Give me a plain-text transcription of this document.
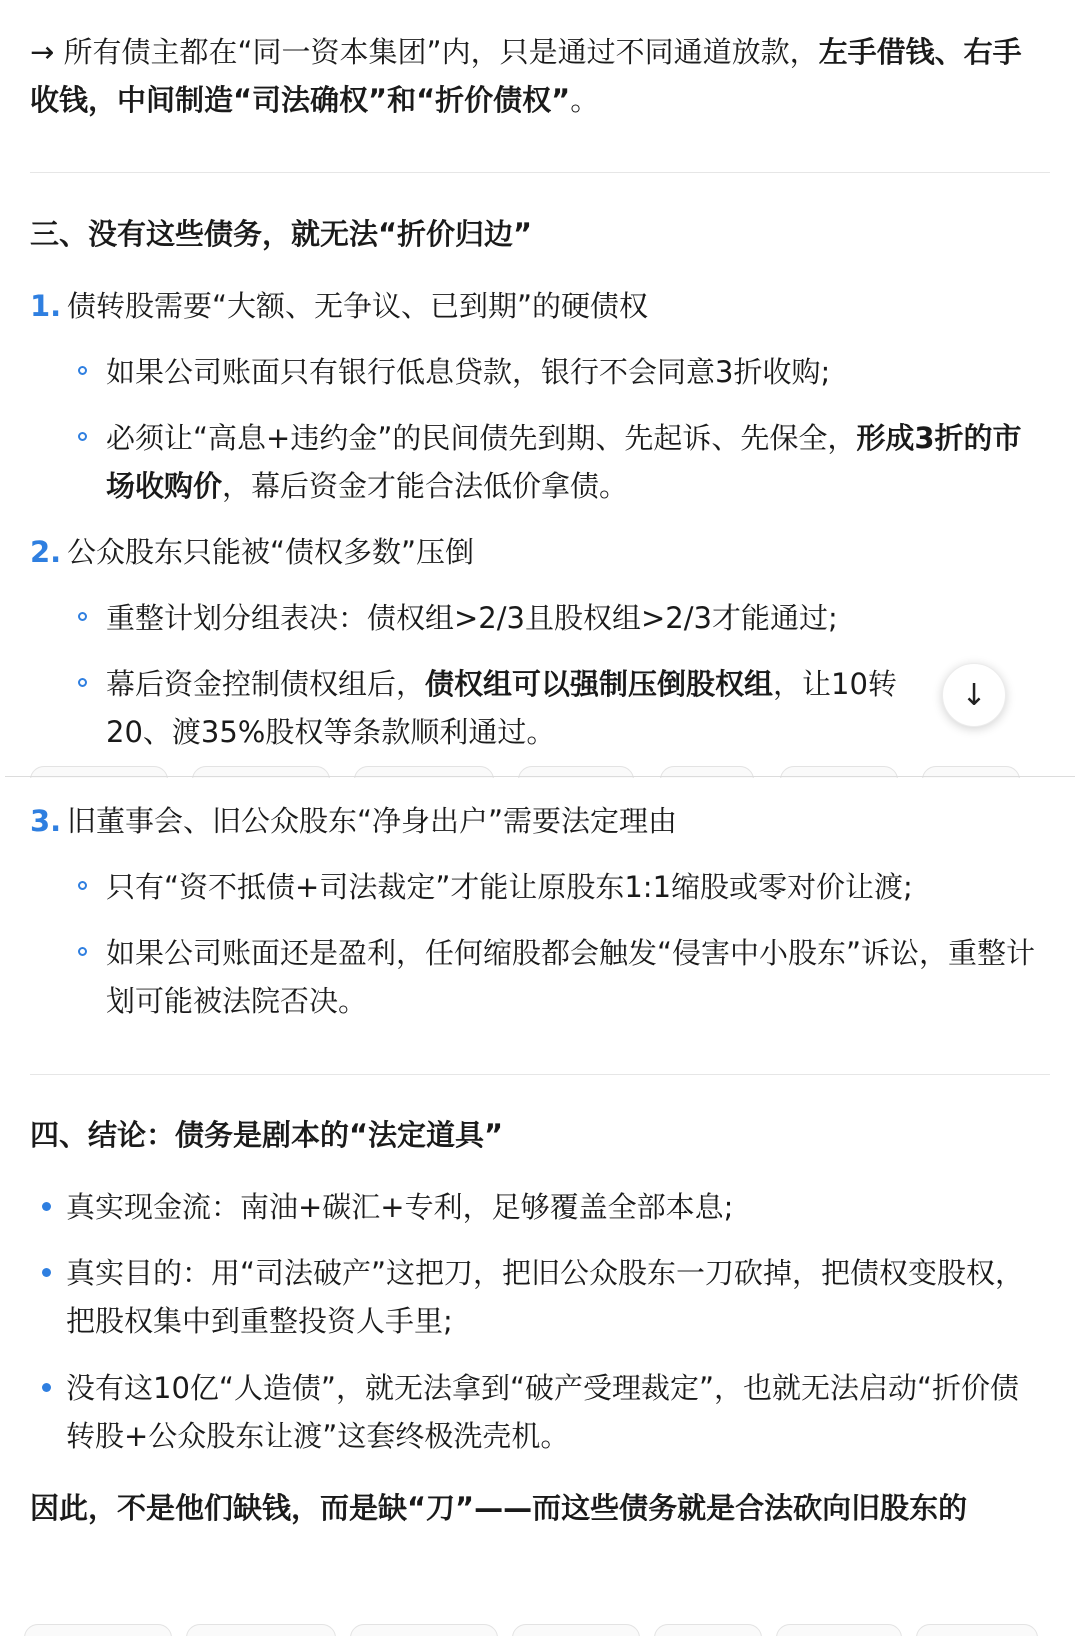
→ 所有债主都在“同一资本集团”内，只是通过不同通道放款，左手借钱、右手收钱，中间制造“司法确权”和“折价债权”。
三、没有这些债务，就无法“折价归边”
1. 债转股需要“大额、无争议、已到期”的硬债权
如果公司账面只有银行低息贷款，银行不会同意3折收购;
必须让“高息+违约金”的民间债先到期、先起诉、先保全，形成3折的市场收购价，幕后资金才能合法低价拿债。
2. 公众股东只能被“债权多数”压倒
重整计划分组表决：债权组>2/3且股权组>2/3才能通过;
幕后资金控制债权组后，债权组可以强制压倒股权组，让10转20、渡35%股权等条款顺利通过。
3. 旧董事会、旧公众股东“净身出户”需要法定理由
只有“资不抵债+司法裁定”才能让原股东1:1缩股或零对价让渡;
如果公司账面还是盈利，任何缩股都会触发“侵害中小股东”诉讼，重整计划可能被法院否决。
四、结论：债务是剧本的“法定道具”
真实现金流：南油+碳汇+专利，足够覆盖全部本息;
真实目的：用“司法破产”这把刀，把旧公众股东一刀砍掉，把债权变股权，把股权集中到重整投资人手里;
没有这10亿“人造债”，就无法拿到“破产受理裁定”，也就无法启动“折价债转股+公众股东让渡”这套终极洗壳机。
因此，不是他们缺钱，而是缺“刀”——而这些债务就是合法砍向旧股东的
↓
